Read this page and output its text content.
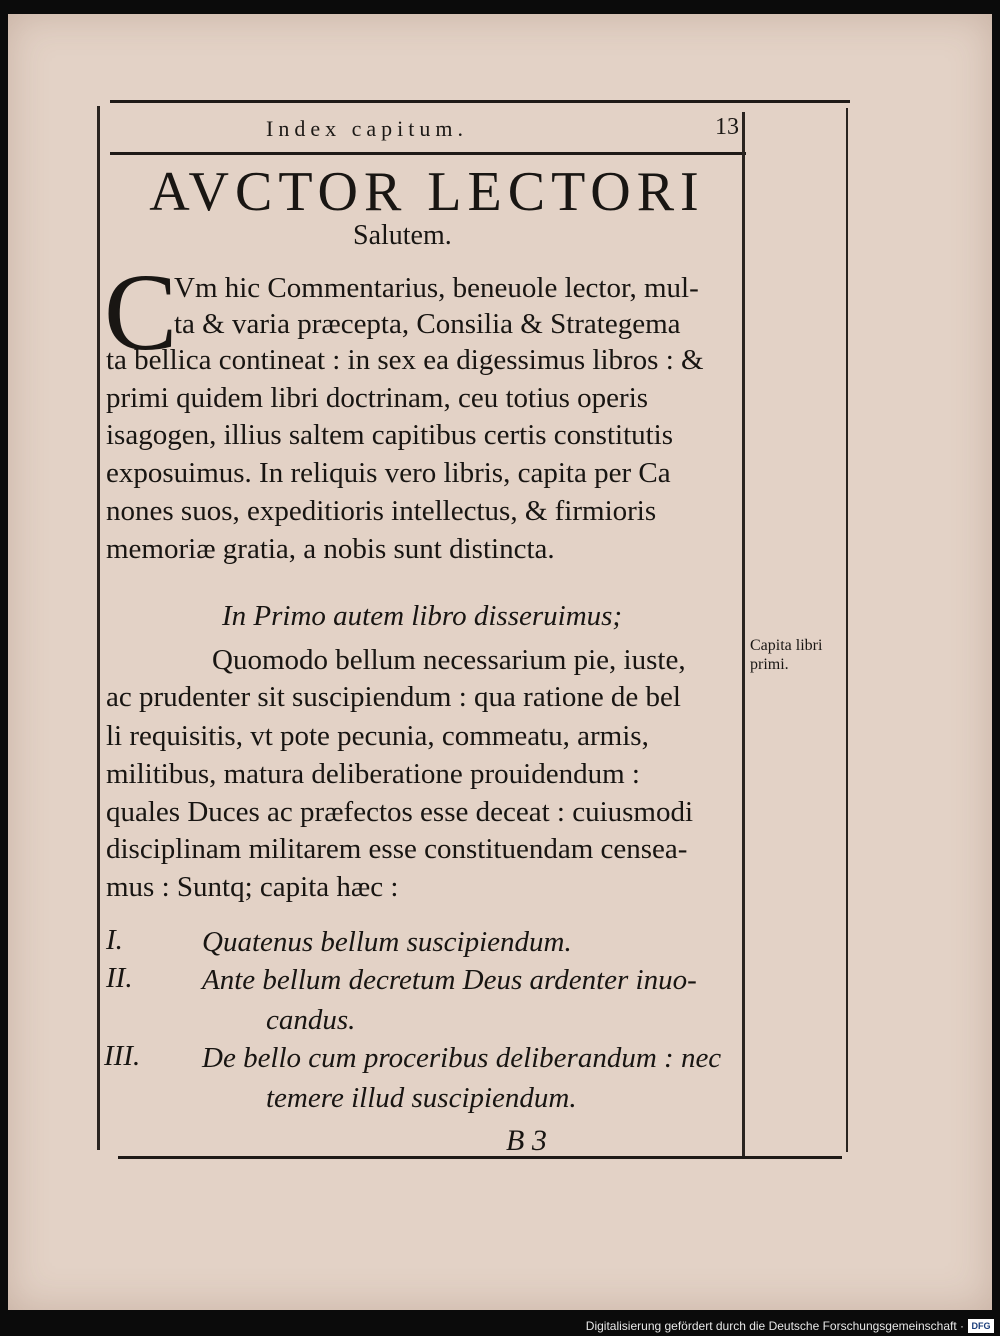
Index capitum.	13
AVCTOR LECTORI
Salutem.
C
Vm hic Commentarius, beneuole lector, mul-
ta & varia præcepta, Consilia & Strategema
ta bellica contineat : in sex ea digessimus libros : &
primi quidem libri doctrinam, ceu totius operis
isagogen, illius saltem capitibus certis constitutis
exposuimus. In reliquis vero libris, capita per Ca
nones suos, expeditioris intellectus, & firmioris
memoriæ gratia, a nobis sunt distincta.
In Primo autem libro disseruimus;
Quomodo bellum necessarium pie, iuste,
ac prudenter sit suscipiendum : qua ratione de bel
li requisitis, vt pote pecunia, commeatu, armis,
militibus, matura deliberatione prouidendum :
quales Duces ac præfectos esse deceat : cuiusmodi
disciplinam militarem esse constituendam censea-
mus : Suntq; capita hæc :
Capita libri
primi.
I.	Quatenus bellum suscipiendum.
II. Ante bellum decretum Deus ardenter inuo-
candus.
III. De bello cum proceribus deliberandum : nec
temere illud suscipiendum.
B 3
Digitalisierung gefördert durch die Deutsche Forschungsgemeinschaft · DFG
